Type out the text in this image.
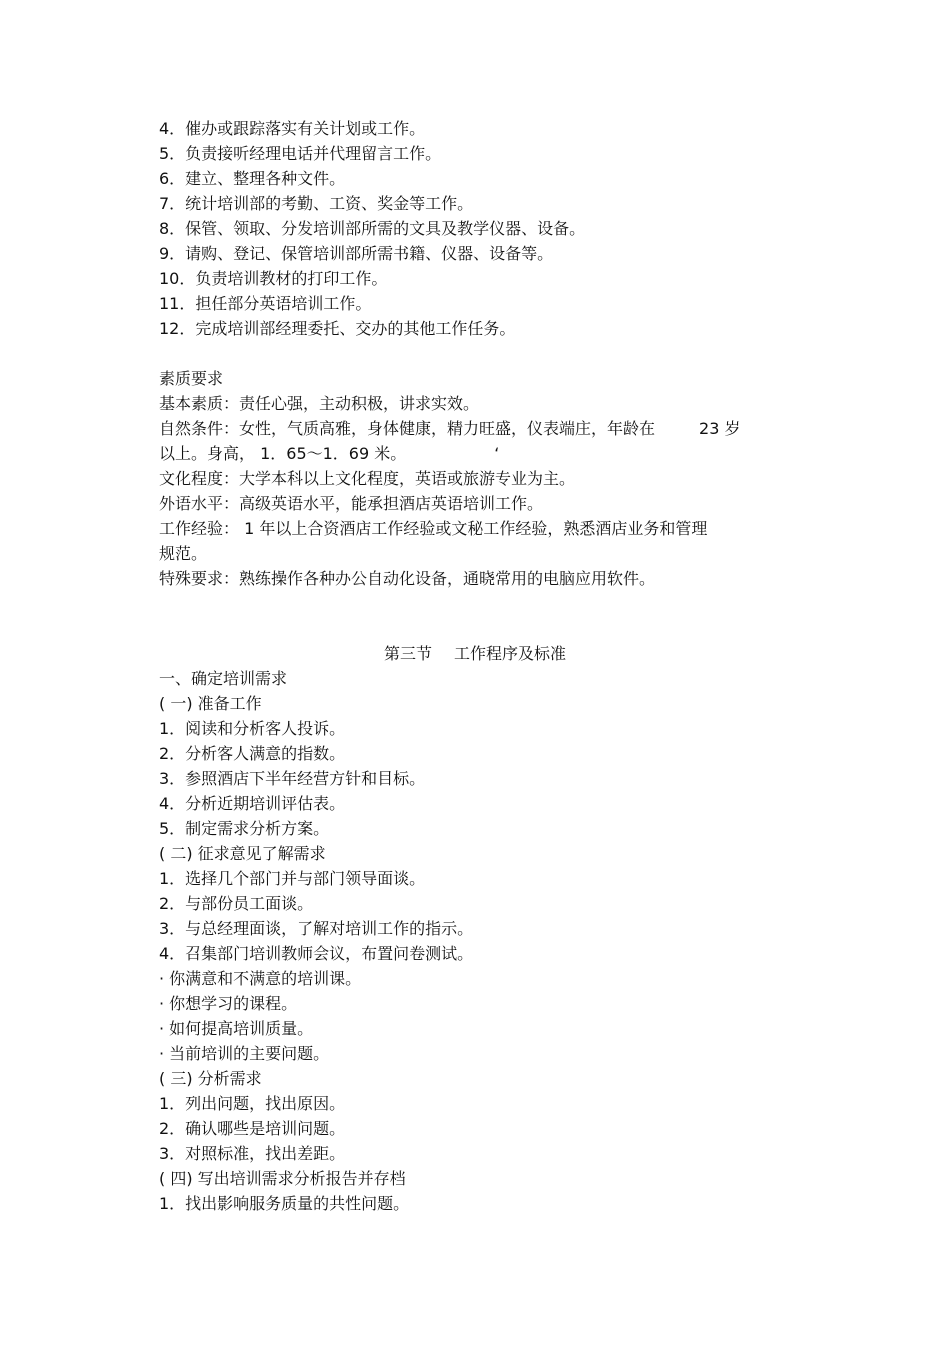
4．催办或跟踪落实有关计划或工作。
5．负责接听经理电话并代理留言工作。
6．建立、整理各种文件。
7．统计培训部的考勤、工资、奖金等工作。
8．保管、领取、分发培训部所需的文具及教学仪器、设备。
9．请购、登记、保管培训部所需书籍、仪器、设备等。
10．负责培训教材的打印工作。
11．担任部分英语培训工作。
12．完成培训部经理委托、交办的其他工作任务。
素质要求
基本素质：责任心强，主动积极，讲求实效。
自然条件：女性，气质高雅，身体健康，精力旺盛，仪表端庄，年龄在	23 岁
以上。身高， 1．65～1．69 米。	‘
文化程度：大学本科以上文化程度，英语或旅游专业为主。
外语水平：高级英语水平，能承担酒店英语培训工作。
工作经验： 1 年以上合资酒店工作经验或文秘工作经验，熟悉酒店业务和管理
规范。
特殊要求：熟练操作各种办公自动化设备，通晓常用的电脑应用软件。
第三节 工作程序及标准
一、确定培训需求
( 一) 准备工作
1．阅读和分析客人投诉。
2．分析客人满意的指数。
3．参照酒店下半年经营方针和目标。
4．分析近期培训评估表。
5．制定需求分析方案。
( 二) 征求意见了解需求
1．选择几个部门并与部门领导面谈。
2．与部份员工面谈。
3．与总经理面谈，了解对培训工作的指示。
4．召集部门培训教师会议，布置问卷测试。
· 你满意和不满意的培训课。
· 你想学习的课程。
· 如何提高培训质量。
· 当前培训的主要问题。
( 三) 分析需求
1．列出问题，找出原因。
2．确认哪些是培训问题。
3．对照标准，找出差距。
( 四) 写出培训需求分析报告并存档
1．找出影响服务质量的共性问题。
